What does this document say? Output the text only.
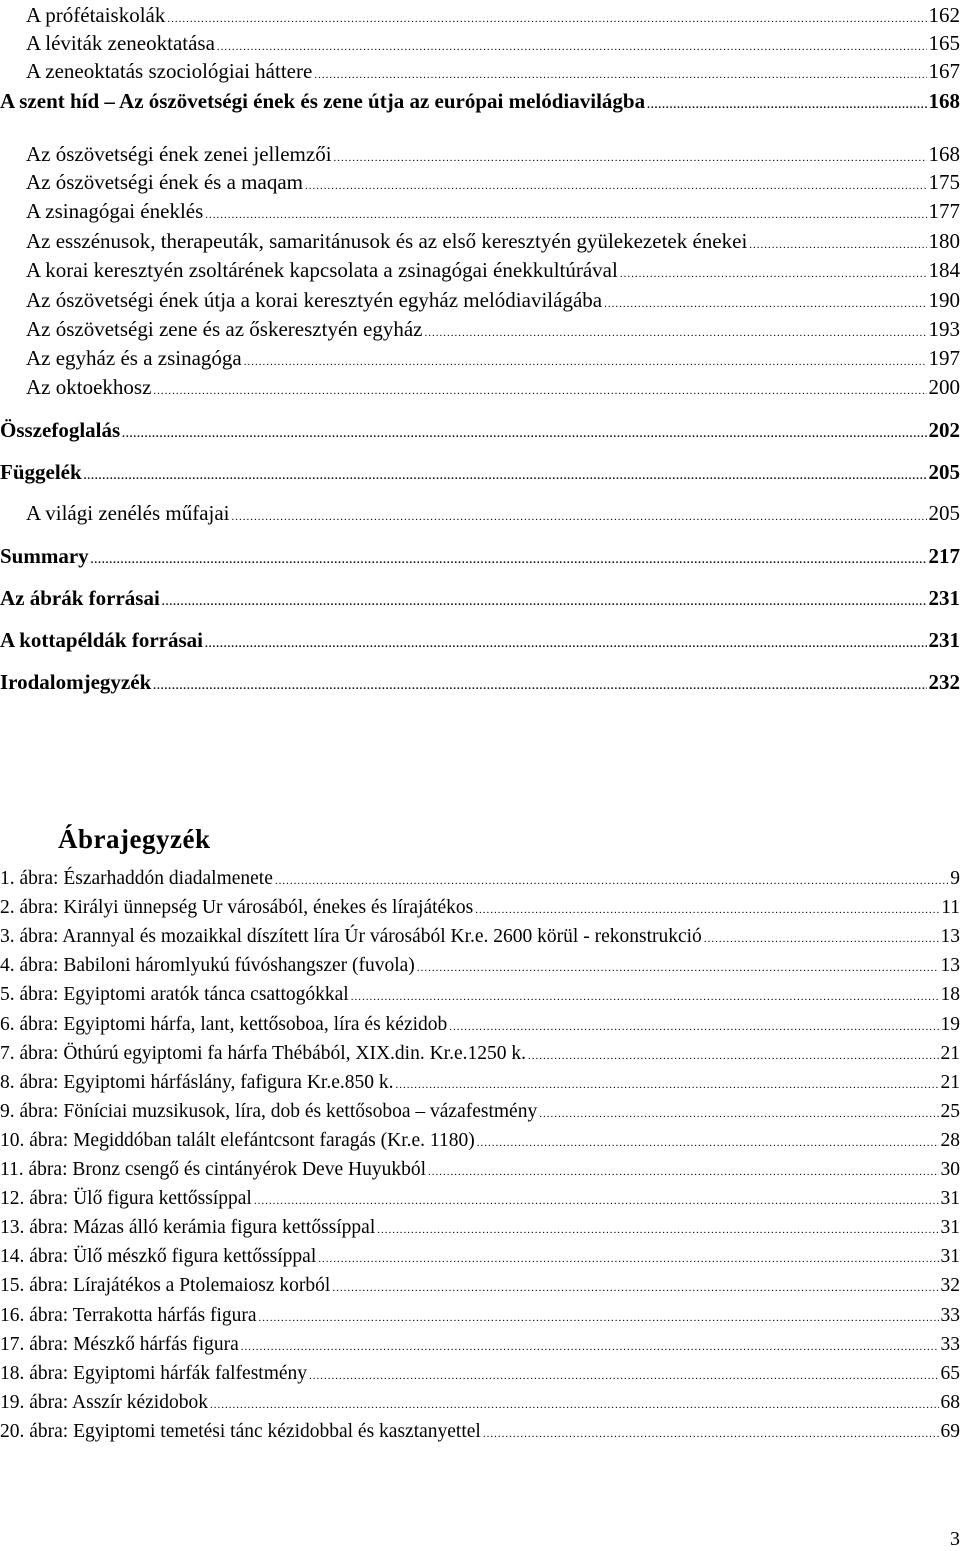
A prófétaiskolák .....	162
A léviták zeneoktatása .....	165
A zeneoktatás szociológiai háttere .....	167
A szent híd – Az ószövetségi ének és zene útja az európai melódiavilágba .....	168
Az ószövetségi ének zenei jellemzői .....	168
Az ószövetségi ének és a maqam .....	175
A zsinagógai éneklés .....	177
Az esszénusok, therapeuták, samaritánusok és az első keresztyén gyülekezetek énekei .....	180
A korai keresztyén zsoltárének kapcsolata a zsinagógai énekkultúrával .....	184
Az ószövetségi ének útja a korai keresztyén egyház melódiavilágába .....	190
Az ószövetségi zene és az őskeresztyén egyház .....	193
Az egyház és a zsinagóga .....	197
Az oktoekhosz .....	200
Összefoglalás .....	202
Függelék .....	205
A világi zenélés műfajai .....	205
Summary .....	217
Az ábrák forrásai .....	231
A kottapéldák forrásai .....	231
Irodalomjegyzék .....	232
Ábrajegyzék
1. ábra: Észarhaddón diadalmenete .....	9
2. ábra: Királyi ünnepség Ur városából, énekes és lírajátékos .....	11
3. ábra: Arannyal és mozaikkal díszített líra Úr városából Kr.e. 2600 körül - rekonstrukció .....	13
4. ábra: Babiloni háromlyukú fúvóshangszer (fuvola) .....	13
5. ábra: Egyiptomi aratók tánca csattogókkal .....	18
6. ábra: Egyiptomi hárfa, lant, kettősoboa, líra és kézidob .....	19
7. ábra: Öthúrú egyiptomi fa hárfa Thébából, XIX.din. Kr.e.1250 k. .....	21
8. ábra: Egyiptomi hárfáslány, fafigura Kr.e.850 k. .....	21
9. ábra: Föníciai muzsikusok, líra, dob és kettősoboa – vázafestmény .....	25
10. ábra: Megiddóban talált elefántcsont faragás (Kr.e. 1180) .....	28
11. ábra: Bronz csengő és cintányérok Deve Huyukból .....	30
12. ábra: Ülő figura kettőssíppal .....	31
13. ábra: Mázas álló kerámia figura kettőssíppal .....	31
14. ábra: Ülő mészkő figura kettőssíppal .....	31
15. ábra: Lírajátékos a Ptolemaiosz korból .....	32
16. ábra: Terrakotta hárfás figura .....	33
17. ábra: Mészkő hárfás figura .....	33
18. ábra: Egyiptomi hárfák falfestmény .....	65
19. ábra: Asszír kézidobok .....	68
20. ábra: Egyiptomi temetési tánc kézidobbal és kasztanyettel .....	69
3
